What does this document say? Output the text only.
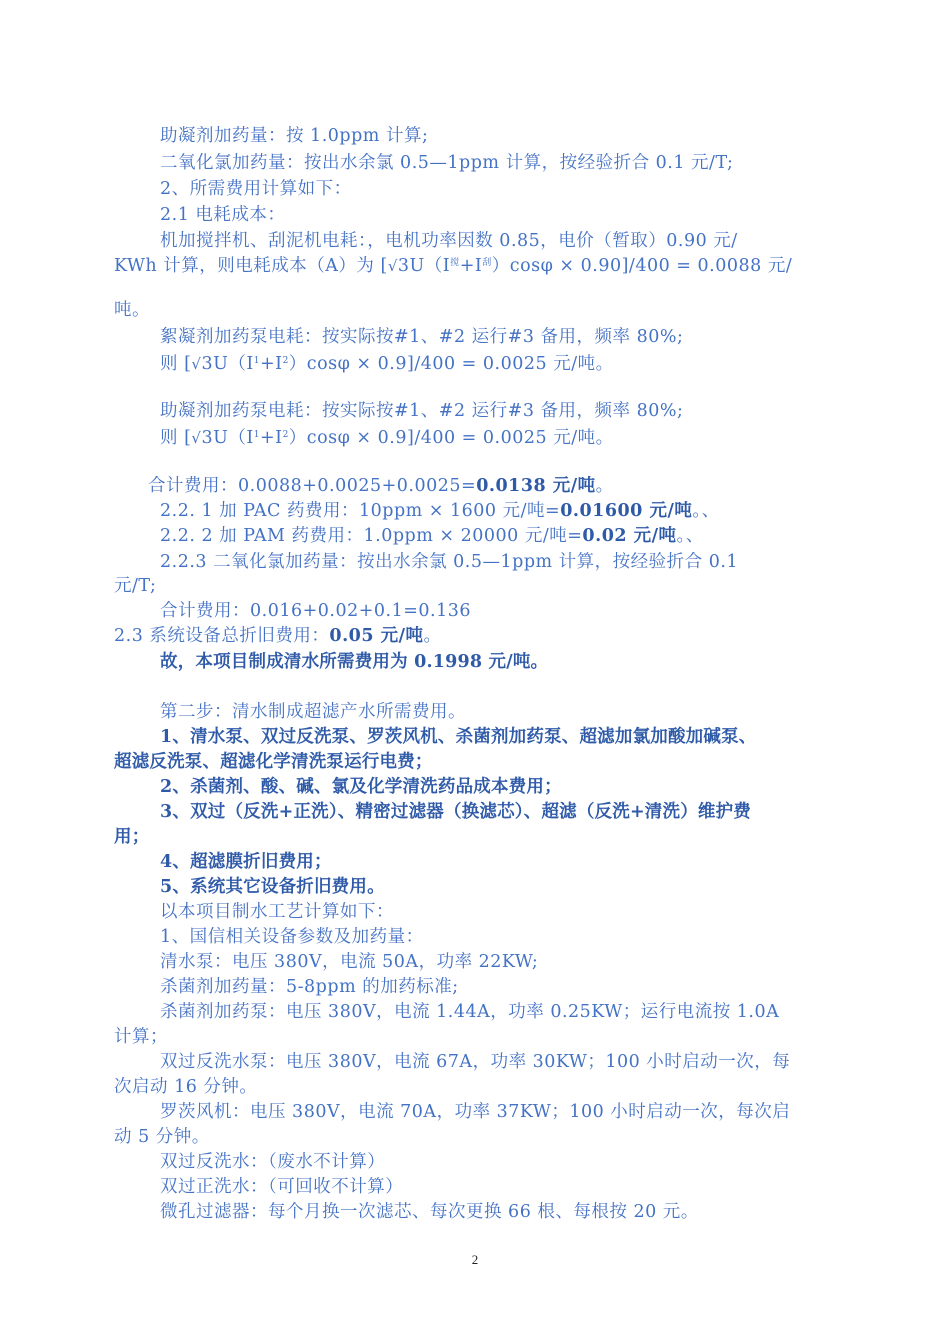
助凝剂加药量：按 1.0ppm 计算;
二氧化氯加药量：按出水余氯 0.5—1ppm 计算，按经验折合 0.1 元/T;
2、所需费用计算如下：
2.1 电耗成本：
机加搅拌机、刮泥机电耗：，电机功率因数 0.85，电价（暂取）0.90 元/
KWh 计算，则电耗成本（A）为 $[√3U(I^搅+I^刮)\cos\varphi \times 0.90]/400 = 0.0088$ 元/
吨。
絮凝剂加药泵电耗：按实际按#1、#2 运行#3 备用，频率 80%;
则 $[√3U(I^1+I^2)\cos\varphi \times 0.9]/400 = 0.0025$ 元/吨。
助凝剂加药泵电耗：按实际按#1、#2 运行#3 备用，频率 80%;
则 $[√3U(I^1+I^2)\cos\varphi \times 0.9]/400 = 0.0025$ 元/吨。
合计费用：0.0088+0.0025+0.0025=0.0138 元/吨。
2.2. 1 加 PAC 药费用：10ppm × 1600 元/吨=0.01600 元/吨。、
2.2. 2 加 PAM 药费用：1.0ppm × 20000 元/吨=0.02 元/吨。、
2.2.3 二氧化氯加药量：按出水余氯 0.5—1ppm 计算，按经验折合 0.1
元/T;
合计费用：0.016+0.02+0.1=0.136
2.3 系统设备总折旧费用：0.05 元/吨。
故，本项目制成清水所需费用为 0.1998 元/吨。
第二步：清水制成超滤产水所需费用。
1、清水泵、双过反洗泵、罗茨风机、杀菌剂加药泵、超滤加氯加酸加碱泵、
超滤反洗泵、超滤化学清洗泵运行电费；
2、杀菌剂、酸、碱、氯及化学清洗药品成本费用；
3、双过（反洗+正洗）、精密过滤器（换滤芯）、超滤（反洗+清洗）维护费
用；
4、超滤膜折旧费用；
5、系统其它设备折旧费用。
以本项目制水工艺计算如下：
1、国信相关设备参数及加药量：
清水泵：电压 380V，电流 50A，功率 22KW;
杀菌剂加药量：5-8ppm 的加药标准;
杀菌剂加药泵：电压 380V，电流 1.44A，功率 0.25KW；运行电流按 1.0A
计算；
双过反洗水泵：电压 380V，电流 67A，功率 30KW；100 小时启动一次，每
次启动 16 分钟。
罗茨风机：电压 380V，电流 70A，功率 37KW；100 小时启动一次，每次启
动 5 分钟。
双过反洗水：（废水不计算）
双过正洗水：（可回收不计算）
微孔过滤器：每个月换一次滤芯、每次更换 66 根、每根按 20 元。
2
